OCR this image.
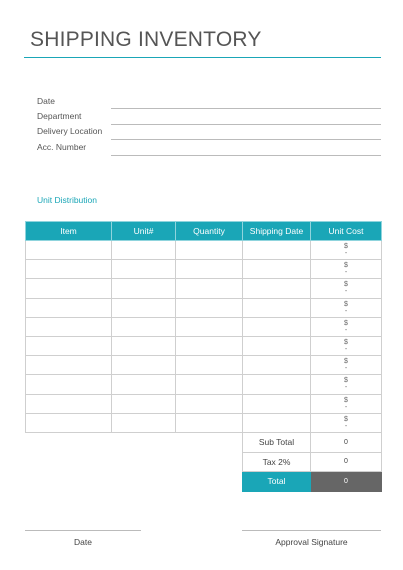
SHIPPING INVENTORY
Date
Department
Delivery Location
Acc. Number
Unit Distribution
Item	Unit#	Quantity	Shipping Date	Unit Cost

				$
-

				$
-

				$
-

				$
-

				$
-

				$
-

				$
-

				$
-

				$
-

				$
-
Sub Total	0
Tax 2%	0
Total	0
Date	Approval Signature
